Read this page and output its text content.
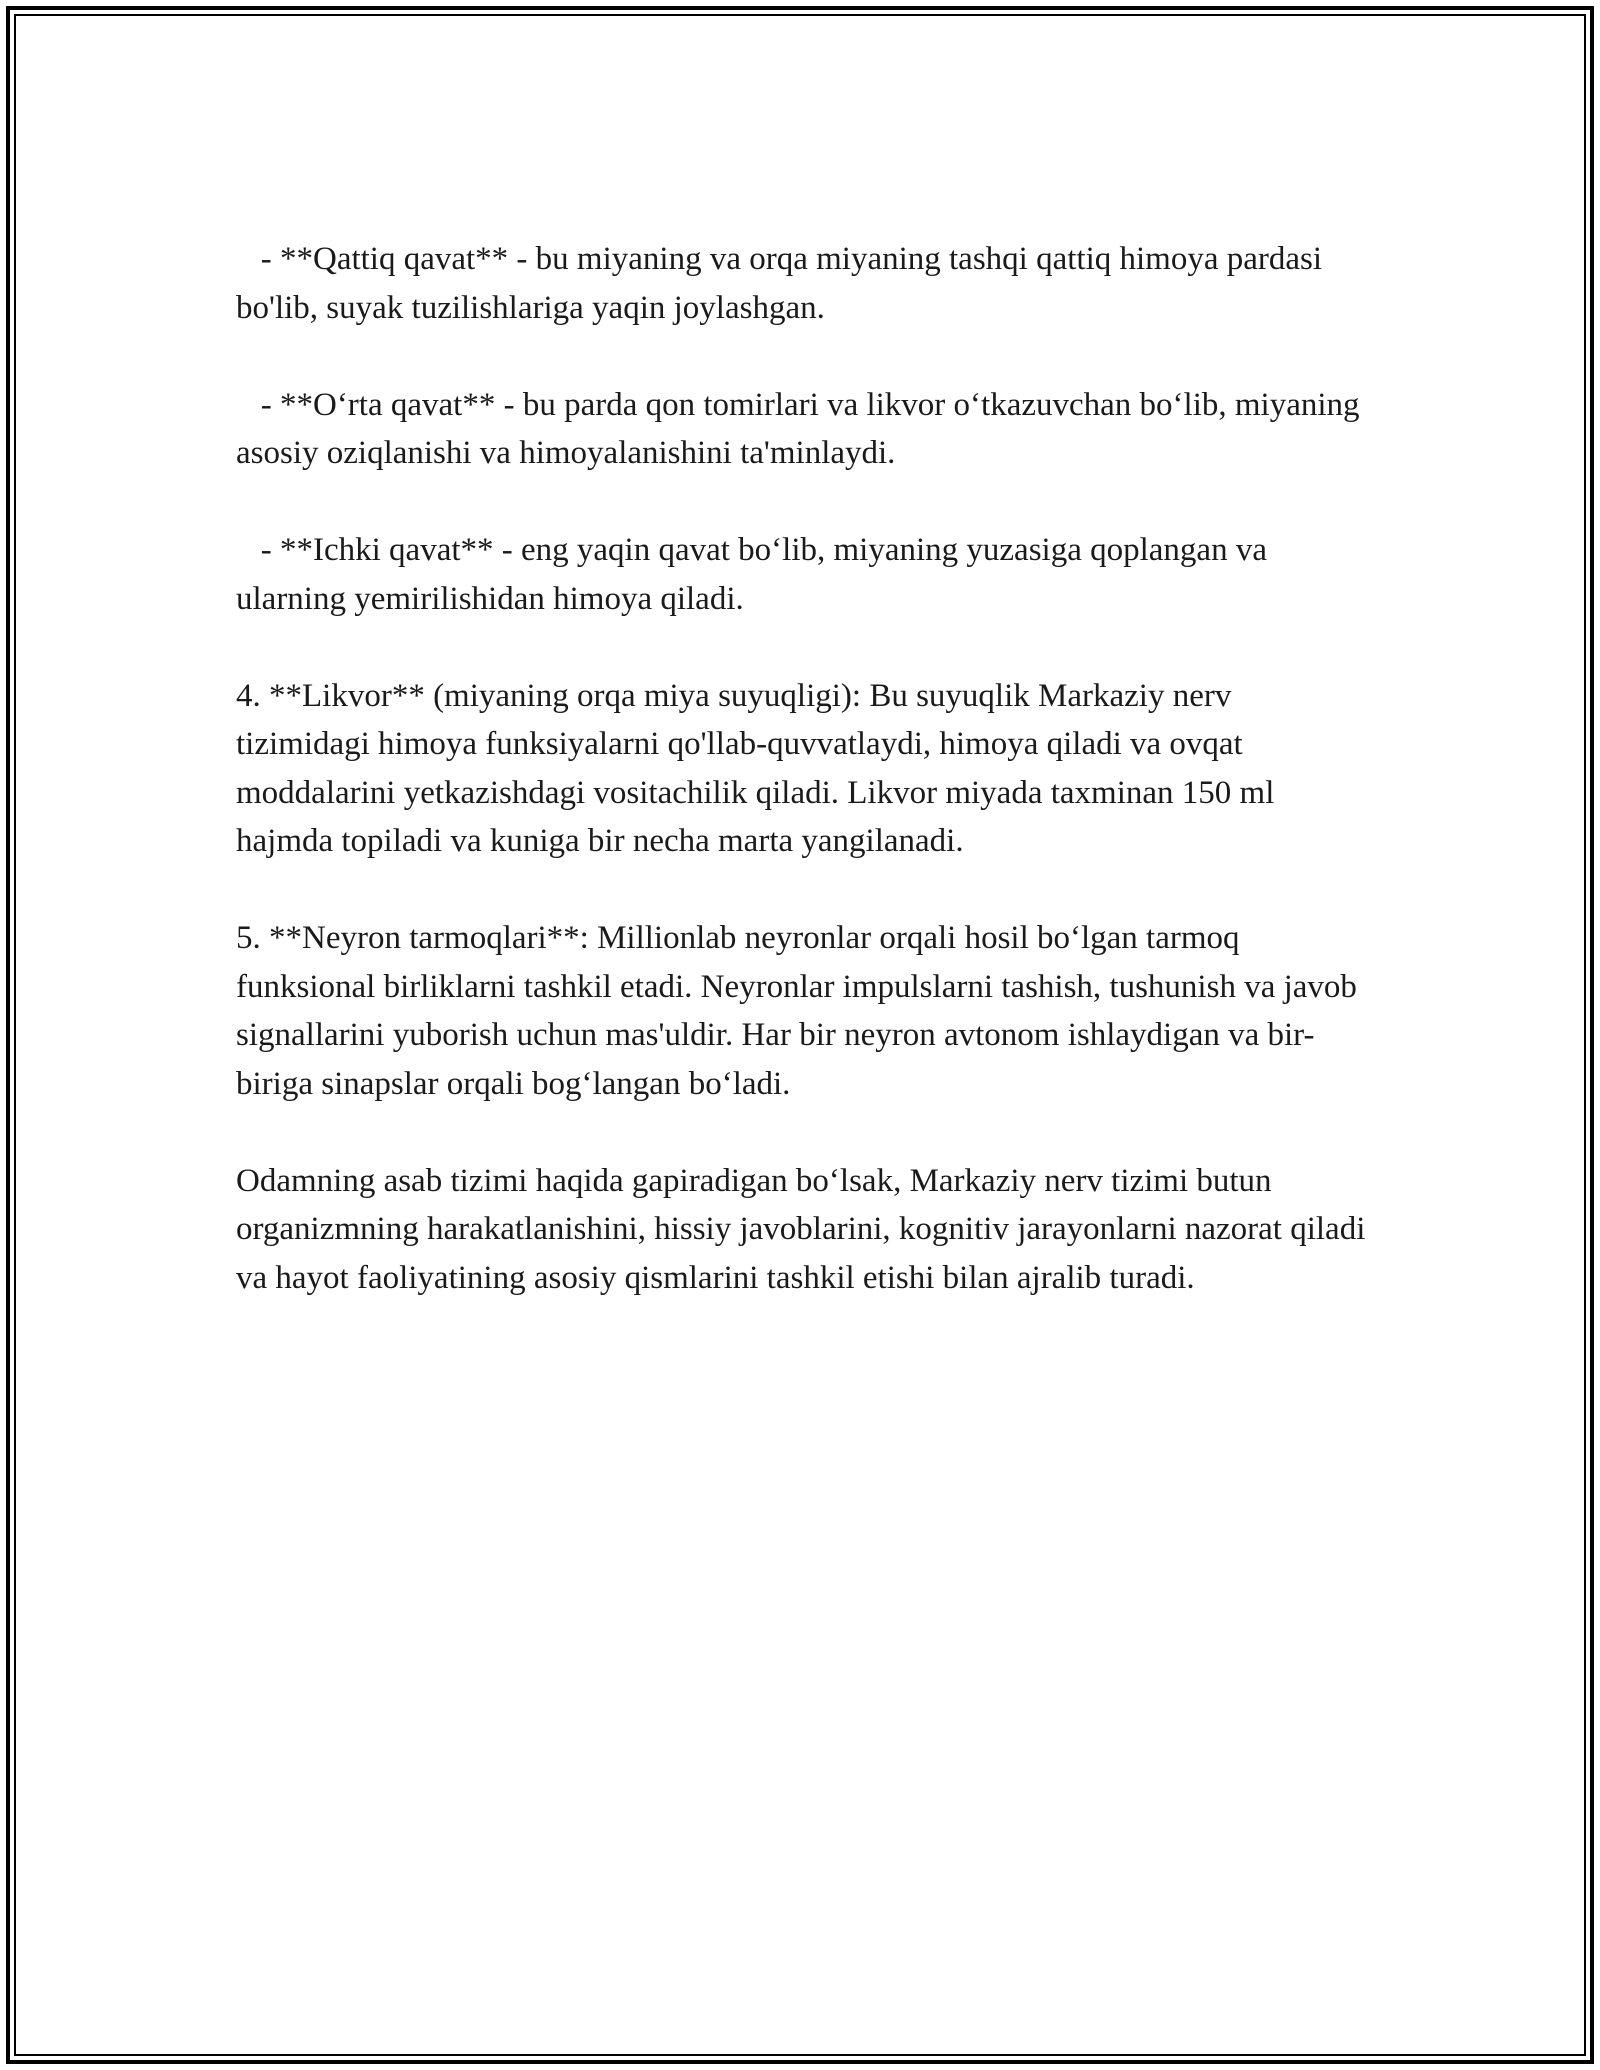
- **Qattiq qavat** - bu miyaning va orqa miyaning tashqi qattiq himoya pardasi bo'lib, suyak tuzilishlariga yaqin joylashgan.

- **O‘rta qavat** - bu parda qon tomirlari va likvor o‘tkazuvchan bo‘lib, miyaning asosiy oziqlanishi va himoyalanishini ta'minlaydi.

- **Ichki qavat** - eng yaqin qavat bo‘lib, miyaning yuzasiga qoplangan va ularning yemirilishidan himoya qiladi.

4. **Likvor** (miyaning orqa miya suyuqligi): Bu suyuqlik Markaziy nerv tizimidagi himoya funksiyalarni qo'llab-quvvatlaydi, himoya qiladi va ovqat moddalarini yetkazishdagi vositachilik qiladi. Likvor miyada taxminan 150 ml hajmda topiladi va kuniga bir necha marta yangilanadi.

5. **Neyron tarmoqlari**: Millionlab neyronlar orqali hosil bo‘lgan tarmoq funksional birliklarni tashkil etadi. Neyronlar impulslarni tashish, tushunish va javob signallarini yuborish uchun mas'uldir. Har bir neyron avtonom ishlaydigan va bir-biriga sinapslar orqali bog‘langan bo‘ladi.

Odamning asab tizimi haqida gapiradigan bo‘lsak, Markaziy nerv tizimi butun organizmning harakatlanishini, hissiy javoblarini, kognitiv jarayonlarni nazorat qiladi va hayot faoliyatining asosiy qismlarini tashkil etishi bilan ajralib turadi.
